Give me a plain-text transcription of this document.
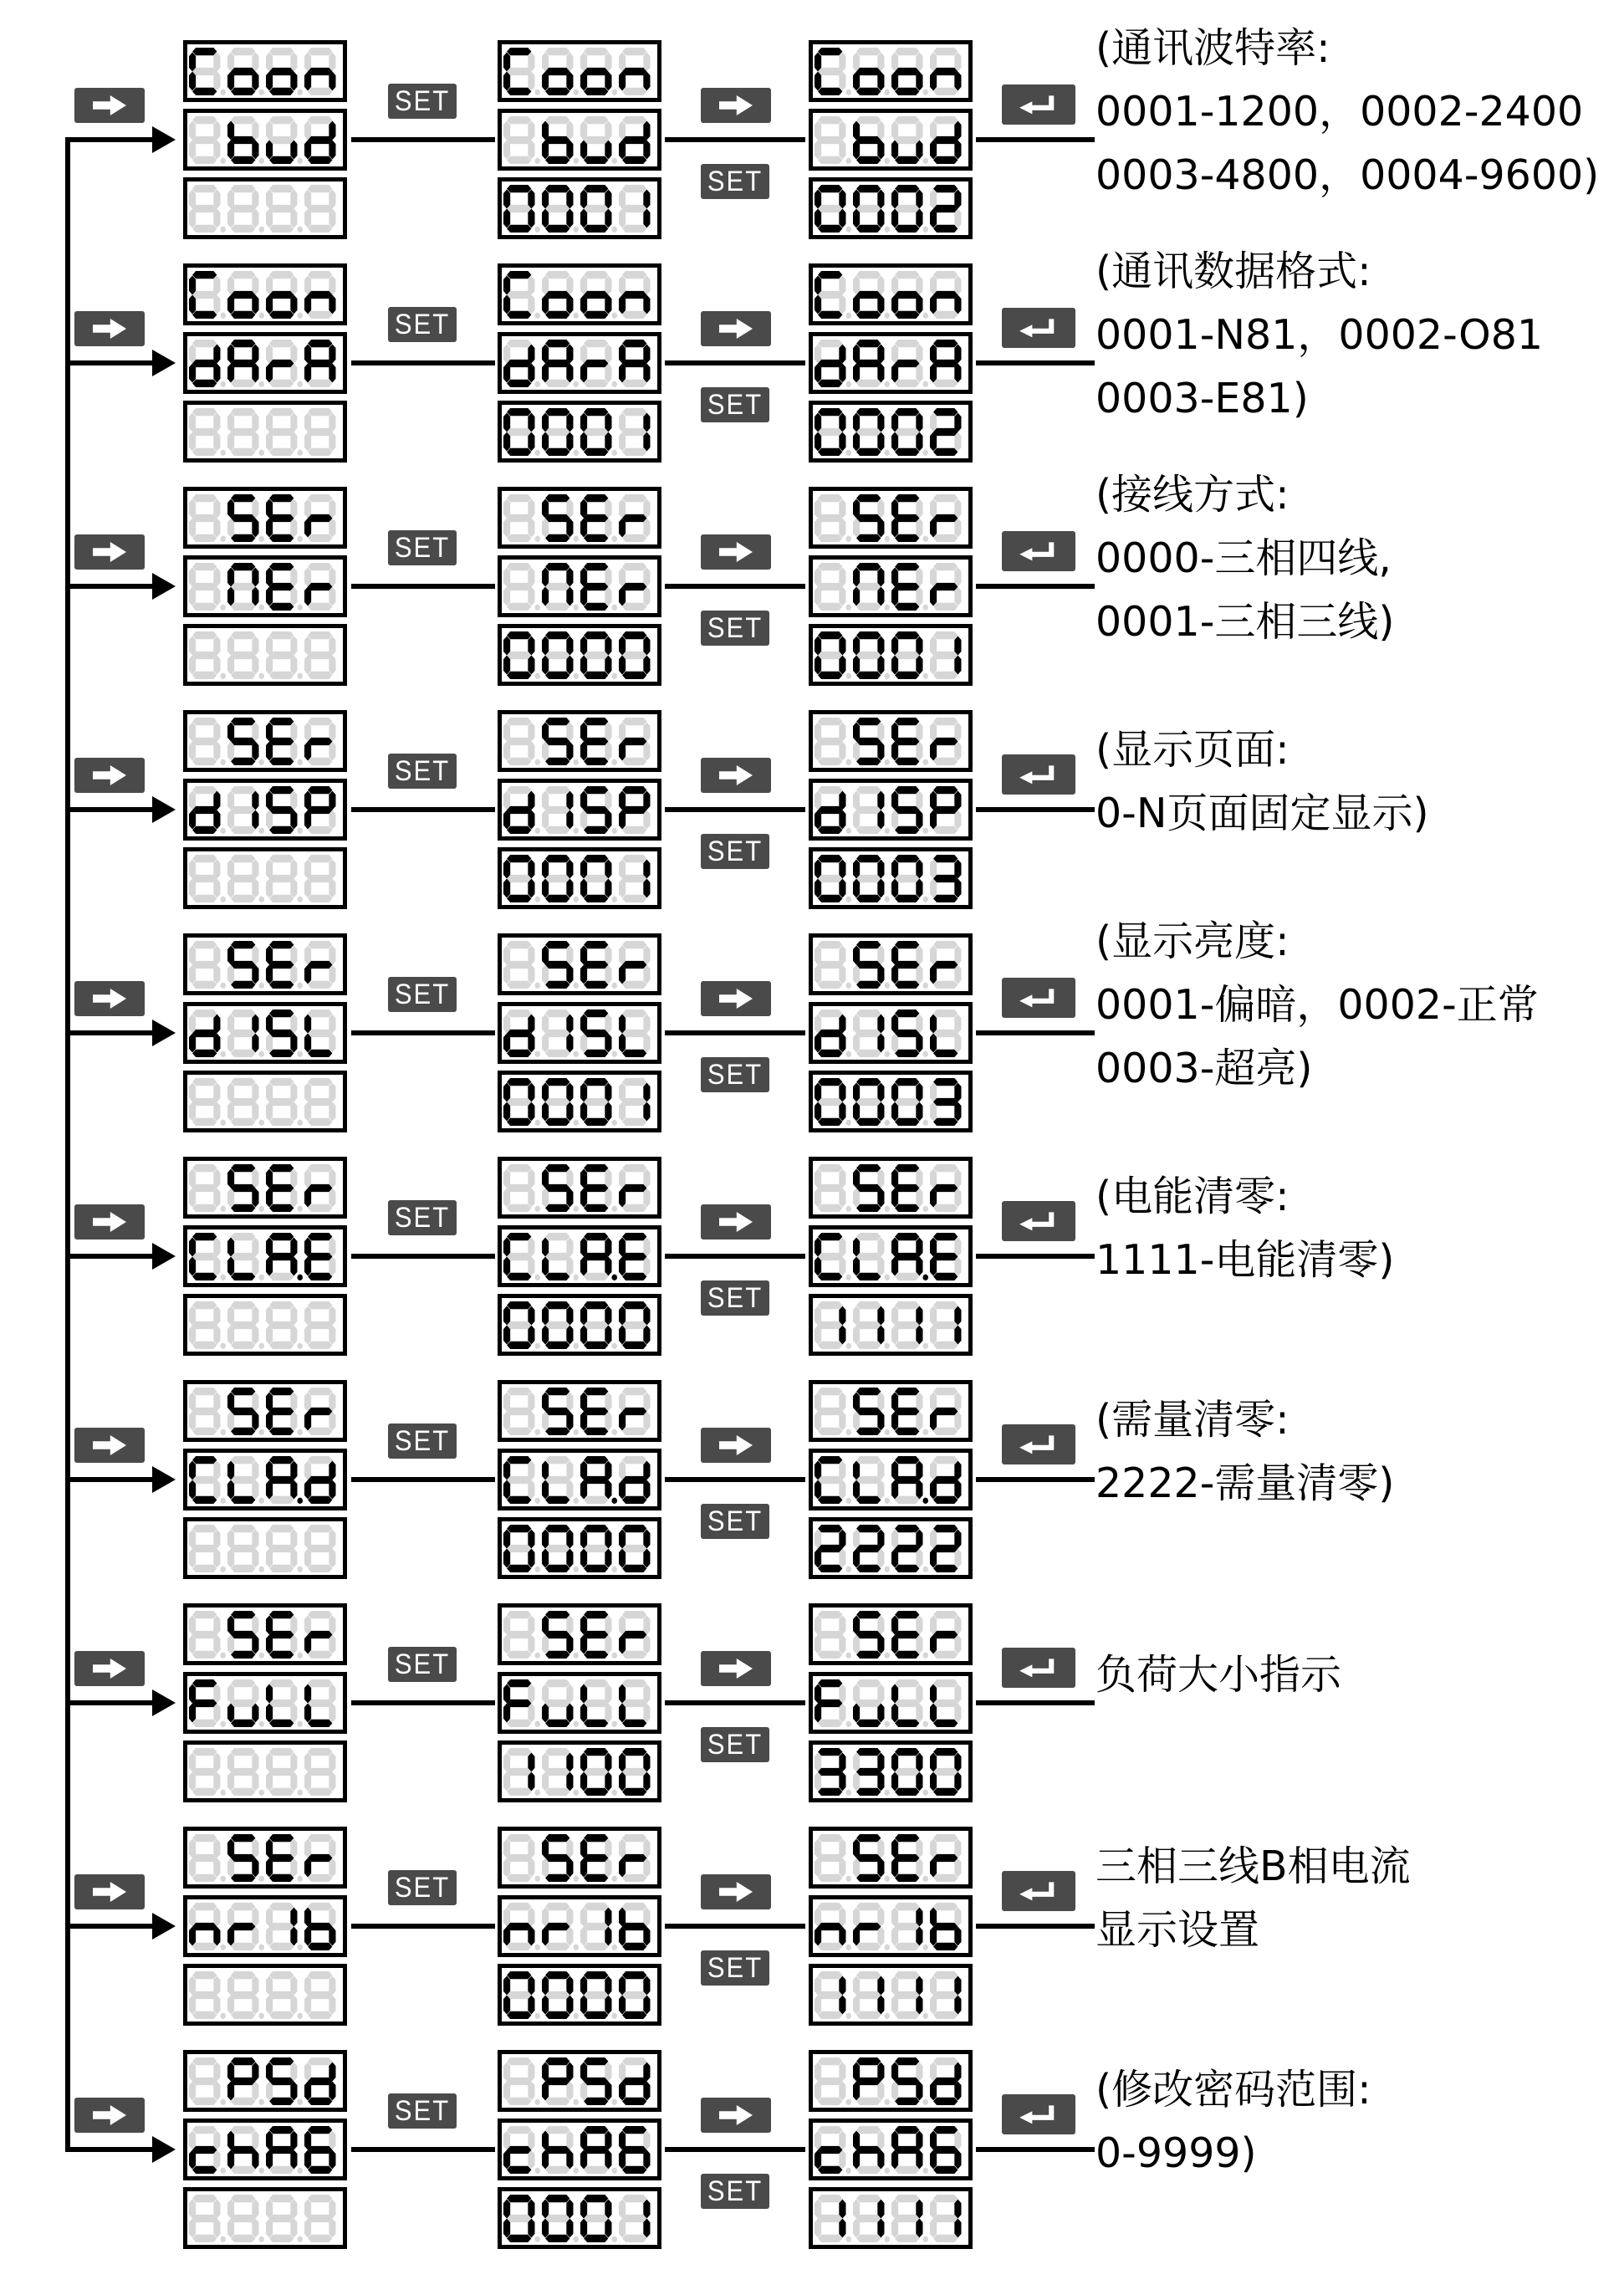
SET
SET
(通讯波特率:
0001-1200，0002-2400
0003-4800，0004-9600)
SET
SET
(通讯数据格式:
0001-N81，0002-O81
0003-E81)
SET
SET
(接线方式:
0000-三相四线,
0001-三相三线)
SET
SET
(显示页面:
0-N页面固定显示)
SET
SET
(显示亮度:
0001-偏暗，0002-正常
0003-超亮)
SET
SET
(电能清零:
1111-电能清零)
SET
SET
(需量清零:
2222-需量清零)
SET
SET
负荷大小指示
SET
SET
三相三线B相电流
显示设置
SET
SET
(修改密码范围:
0-9999)
